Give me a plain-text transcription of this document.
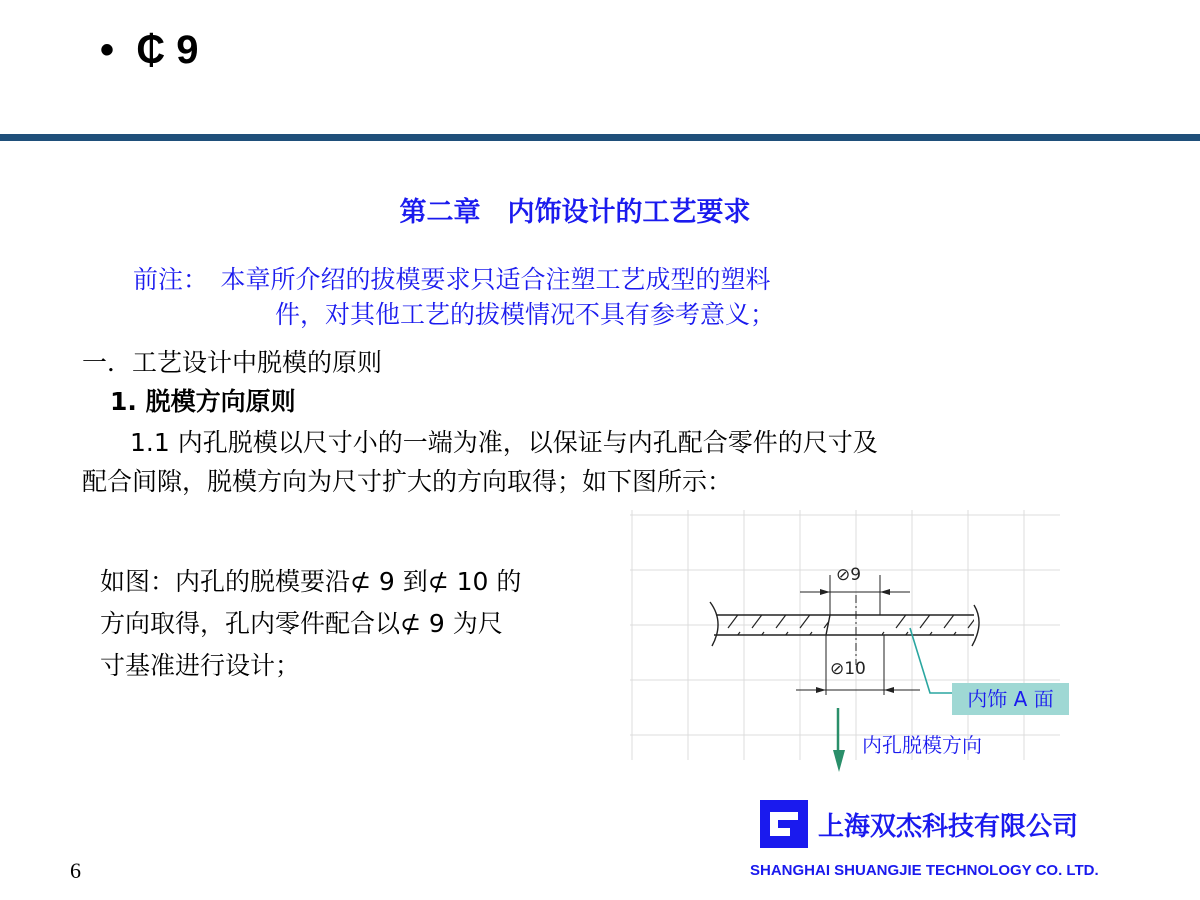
•  ₵ 9
第二章　内饰设计的工艺要求
前注：　本章所介绍的拔模要求只适合注塑工艺成型的塑料
件，对其他工艺的拔模情况不具有参考意义；
一．工艺设计中脱模的原则
1. 脱模方向原则
1.1 内孔脱模以尺寸小的一端为准，以保证与内孔配合零件的尺寸及
配合间隙，脱模方向为尺寸扩大的方向取得；如下图所示：
如图：内孔的脱模要沿⊄ 9 到⊄ 10 的
方向取得，孔内零件配合以⊄ 9 为尺
寸基准进行设计；
⊘9
⊘10
内饰 A 面
内孔脱模方向
上海双杰科技有限公司
SHANGHAI SHUANGJIE TECHNOLOGY CO. LTD.
6
